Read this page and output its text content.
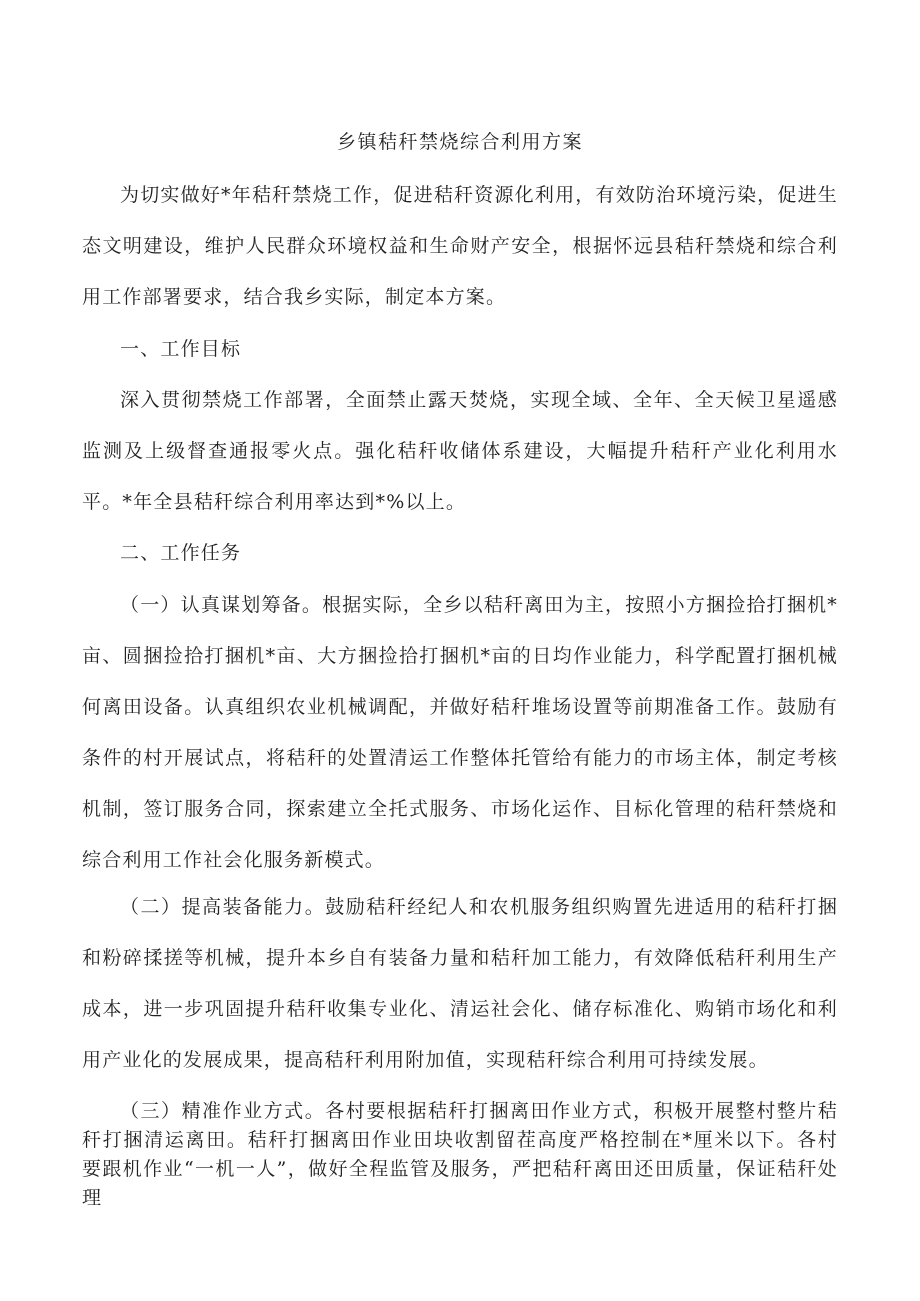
乡镇秸秆禁烧综合利用方案
为切实做好*年秸秆禁烧工作，促进秸秆资源化利用，有效防治环境污染，促进生态文明建设，维护人民群众环境权益和生命财产安全，根据怀远县秸秆禁烧和综合利用工作部署要求，结合我乡实际，制定本方案。
一、工作目标
深入贯彻禁烧工作部署，全面禁止露天焚烧，实现全域、全年、全天候卫星遥感监测及上级督查通报零火点。强化秸秆收储体系建设，大幅提升秸秆产业化利用水平。*年全县秸秆综合利用率达到*%以上。
二、工作任务
（一）认真谋划筹备。根据实际，全乡以秸秆离田为主，按照小方捆捡拾打捆机*亩、圆捆捡拾打捆机*亩、大方捆捡拾打捆机*亩的日均作业能力，科学配置打捆机械何离田设备。认真组织农业机械调配，并做好秸秆堆场设置等前期准备工作。鼓励有条件的村开展试点，将秸秆的处置清运工作整体托管给有能力的市场主体，制定考核机制，签订服务合同，探索建立全托式服务、市场化运作、目标化管理的秸秆禁烧和综合利用工作社会化服务新模式。
（二）提高装备能力。鼓励秸秆经纪人和农机服务组织购置先进适用的秸秆打捆和粉碎揉搓等机械，提升本乡自有装备力量和秸秆加工能力，有效降低秸秆利用生产成本，进一步巩固提升秸秆收集专业化、清运社会化、储存标准化、购销市场化和利用产业化的发展成果，提高秸秆利用附加值，实现秸秆综合利用可持续发展。
（三）精准作业方式。各村要根据秸秆打捆离田作业方式，积极开展整村整片秸秆打捆清运离田。秸秆打捆离田作业田块收割留茬高度严格控制在*厘米以下。各村要跟机作业“一机一人”，做好全程监管及服务，严把秸秆离田还田质量，保证秸秆处理
